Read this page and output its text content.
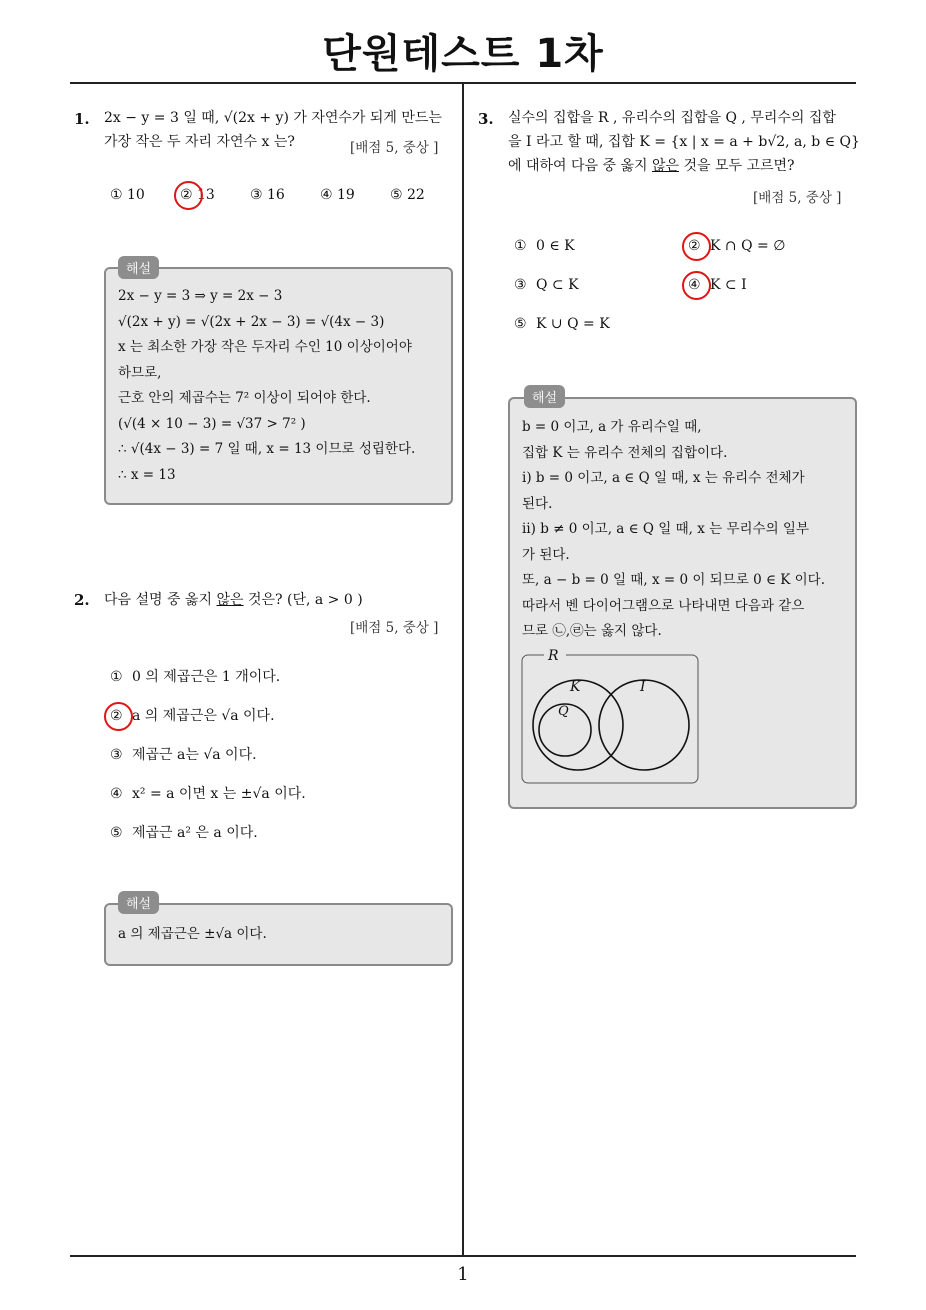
단원테스트 1차
1. 2x − y = 3 일 때, √(2x + y) 가 자연수가 되게 만드는
가장 작은 두 자리 자연수 x 는?	[배점 5, 중상 ]
① 10	② 13	③ 16	④ 19	⑤ 22
2x − y = 3 ⇒ y = 2x − 3
√(2x + y) = √(2x + 2x − 3) = √(4x − 3)
x 는 최소한 가장 작은 두자리 수인 10 이상이어야
하므로,
근호 안의 제곱수는 7² 이상이 되어야 한다.
(√(4 × 10 − 3) = √37 > 7² )
∴ √(4x − 3) = 7 일 때, x = 13 이므로 성립한다.
∴ x = 13
해설
2. 다음 설명 중 옳지 않은 것은? (단, a > 0 )
[배점 5, 중상 ]
① 0 의 제곱근은 1 개이다.
② a 의 제곱근은 √a 이다.
③ 제곱근 a는 √a 이다.
④ x² = a 이면 x 는 ±√a 이다.
⑤ 제곱근 a² 은 a 이다.
a 의 제곱근은 ±√a 이다.
해설
3. 실수의 집합을 R , 유리수의 집합을 Q , 무리수의 집합
을 I 라고 할 때, 집합 K = {x | x = a + b√2, a, b ∈ Q}
에 대하여 다음 중 옳지 않은 것을 모두 고르면?
[배점 5, 중상 ]
① 0 ∈ K	② K ∩ Q = ∅
③ Q ⊂ K	④ K ⊂ I
⑤ K ∪ Q = K
b = 0 이고, a 가 유리수일 때,
집합 K 는 유리수 전체의 집합이다.
ⅰ) b = 0 이고, a ∈ Q 일 때, x 는 유리수 전체가
된다.
ⅱ) b ≠ 0 이고, a ∈ Q 일 때, x 는 무리수의 일부
가 된다.
또, a − b = 0 일 때, x = 0 이 되므로 0 ∈ K 이다.
따라서 벤 다이어그램으로 나타내면 다음과 같으
므로 ㉡,㉣는 옳지 않다.
R
K	I
Q
해설
1
